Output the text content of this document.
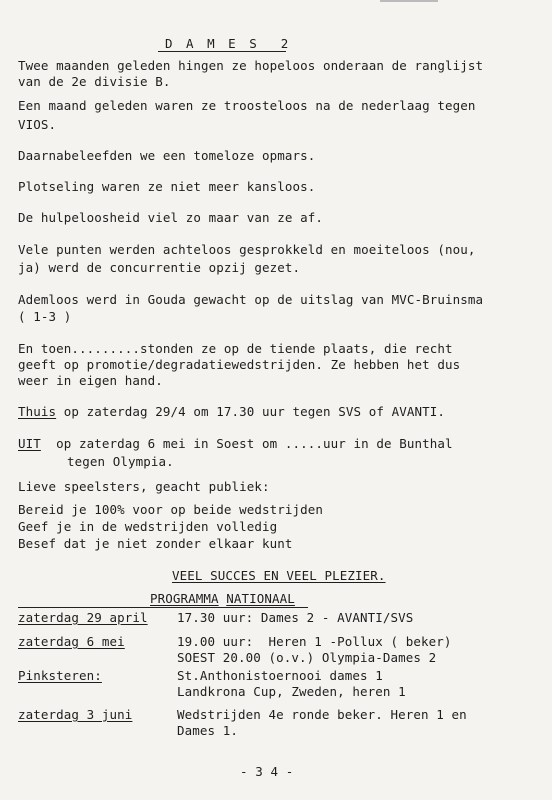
D A M E S  2
Twee maanden geleden hingen ze hopeloos onderaan de ranglijst
van de 2e divisie B.
Een maand geleden waren ze troosteloos na de nederlaag tegen
VIOS.
Daarnabeleefden we een tomeloze opmars.
Plotseling waren ze niet meer kansloos.
De hulpeloosheid viel zo maar van ze af.
Vele punten werden achteloos gesprokkeld en moeiteloos (nou,
ja) werd de concurrentie opzij gezet.
Ademloos werd in Gouda gewacht op de uitslag van MVC-Bruinsma
( 1-3 )
En toen.........stonden ze op de tiende plaats, die recht
geeft op promotie/degradatiewedstrijden. Ze hebben het dus
weer in eigen hand.
Thuis op zaterdag 29/4 om 17.30 uur tegen SVS of AVANTI.
UIT  op zaterdag 6 mei in Soest om .....uur in de Bunthal
tegen Olympia.
Lieve speelsters, geacht publiek:
Bereid je 100% voor op beide wedstrijden
Geef je in de wedstrijden volledig
Besef dat je niet zonder elkaar kunt
VEEL SUCCES EN VEEL PLEZIER.
PROGRAMMA NATIONAAL
zaterdag 29 april 17.30 uur: Dames 2 - AVANTI/SVS
zaterdag 6 mei	19.00 uur:  Heren 1 -Pollux ( beker)
SOEST 20.00 (o.v.) Olympia-Dames 2
Pinksteren:	St.Anthonistoernooi dames 1
Landkrona Cup, Zweden, heren 1
zaterdag 3 juni	Wedstrijden 4e ronde beker. Heren 1 en
Dames 1.
- 3 4 -
